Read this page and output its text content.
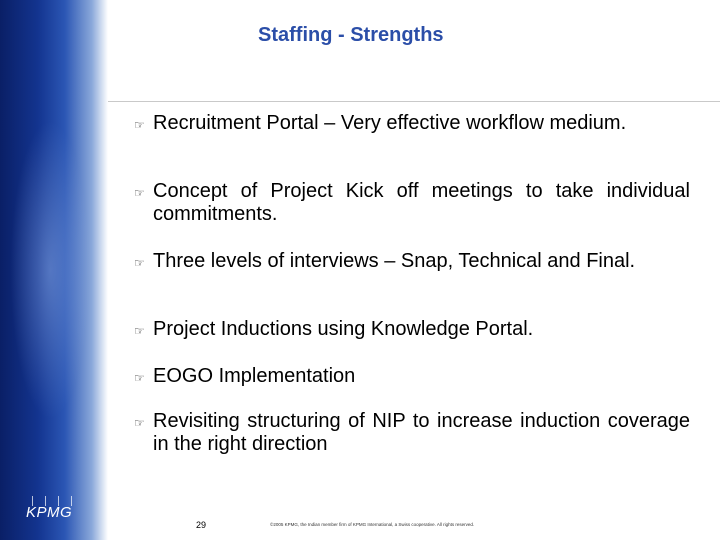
KPMG
Staffing - Strengths
☞ Recruitment Portal – Very effective workflow medium.
☞ Concept of Project Kick off meetings to take individual commitments.
☞ Three levels of interviews – Snap, Technical and Final.
☞ Project Inductions using Knowledge Portal.
☞ EOGO Implementation
☞ Revisiting structuring of NIP to increase induction coverage in the right direction
29	©2005 KPMG, the Indian member firm of KPMG International, a Swiss cooperative. All rights reserved.
